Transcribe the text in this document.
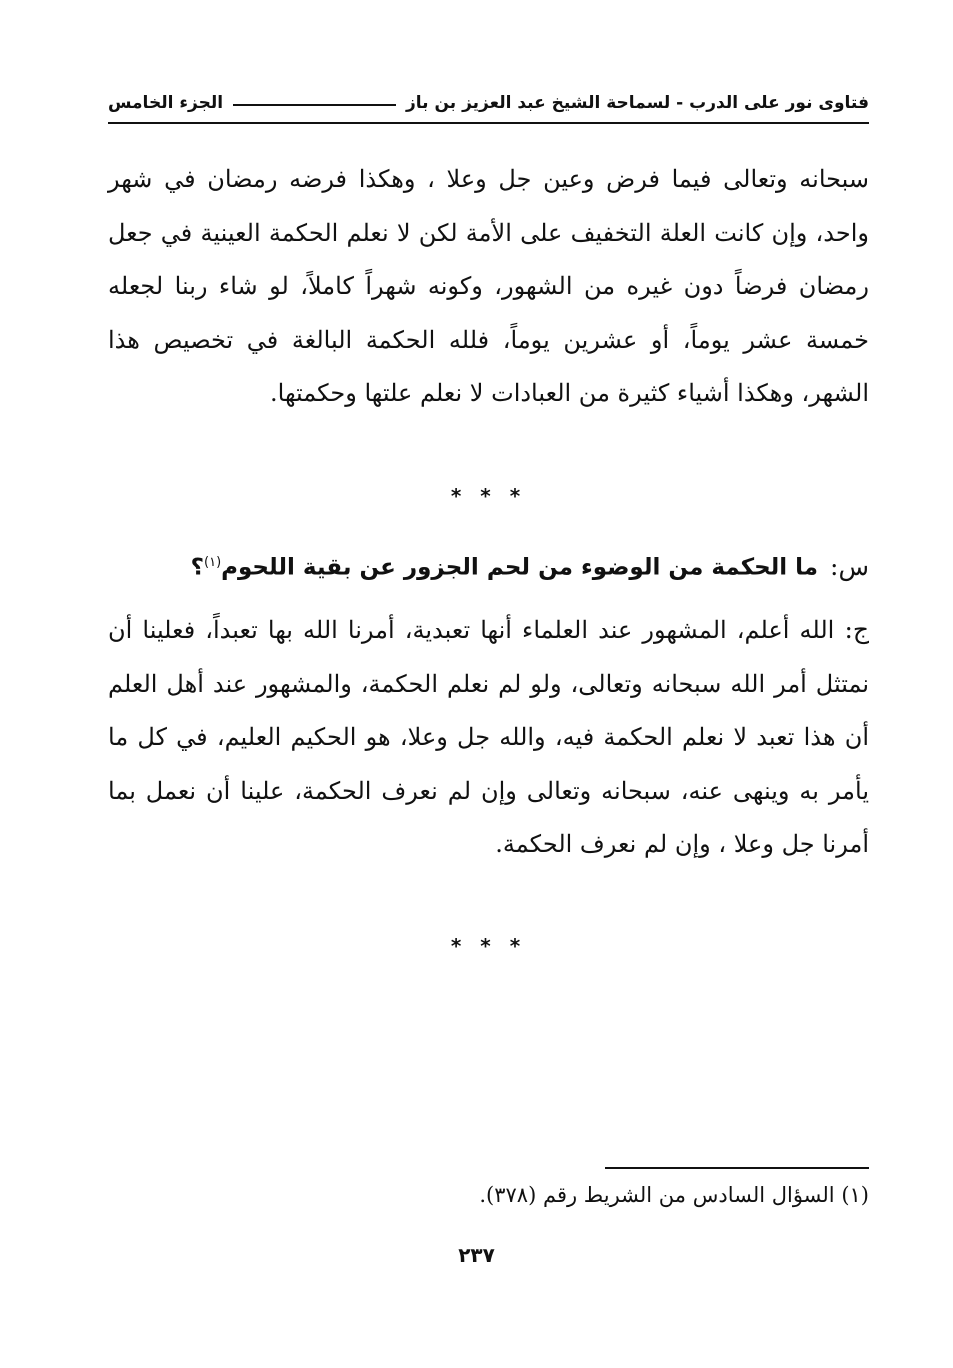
فتاوى نور على الدرب - لسماحة الشيخ عبد العزيز بن باز
الجزء الخامس
سبحانه وتعالى فيما فرض وعين جل وعلا ، وهكذا فرضه رمضان في شهر واحد، وإن كانت العلة التخفيف على الأمة لكن لا نعلم الحكمة العينية في جعل رمضان فرضاً دون غيره من الشهور، وكونه شهراً كاملاً، لو شاء ربنا لجعله خمسة عشر يوماً، أو عشرين يوماً، فلله الحكمة البالغة في تخصيص هذا الشهر، وهكذا أشياء كثيرة من العبادات لا نعلم علتها وحكمتها.
* * *
س:ما الحكمة من الوضوء من لحم الجزور عن بقية اللحوم$^{(١)}$؟
ج: الله أعلم، المشهور عند العلماء أنها تعبدية، أمرنا الله بها تعبداً، فعلينا أن نمتثل أمر الله سبحانه وتعالى، ولو لم نعلم الحكمة، والمشهور عند أهل العلم أن هذا تعبد لا نعلم الحكمة فيه، والله جل وعلا، هو الحكيم العليم، في كل ما يأمر به وينهى عنه، سبحانه وتعالى وإن لم نعرف الحكمة، علينا أن نعمل بما أمرنا جل وعلا ، وإن لم نعرف الحكمة.
* * *
(١) السؤال السادس من الشريط رقم (٣٧٨).
٢٣٧
